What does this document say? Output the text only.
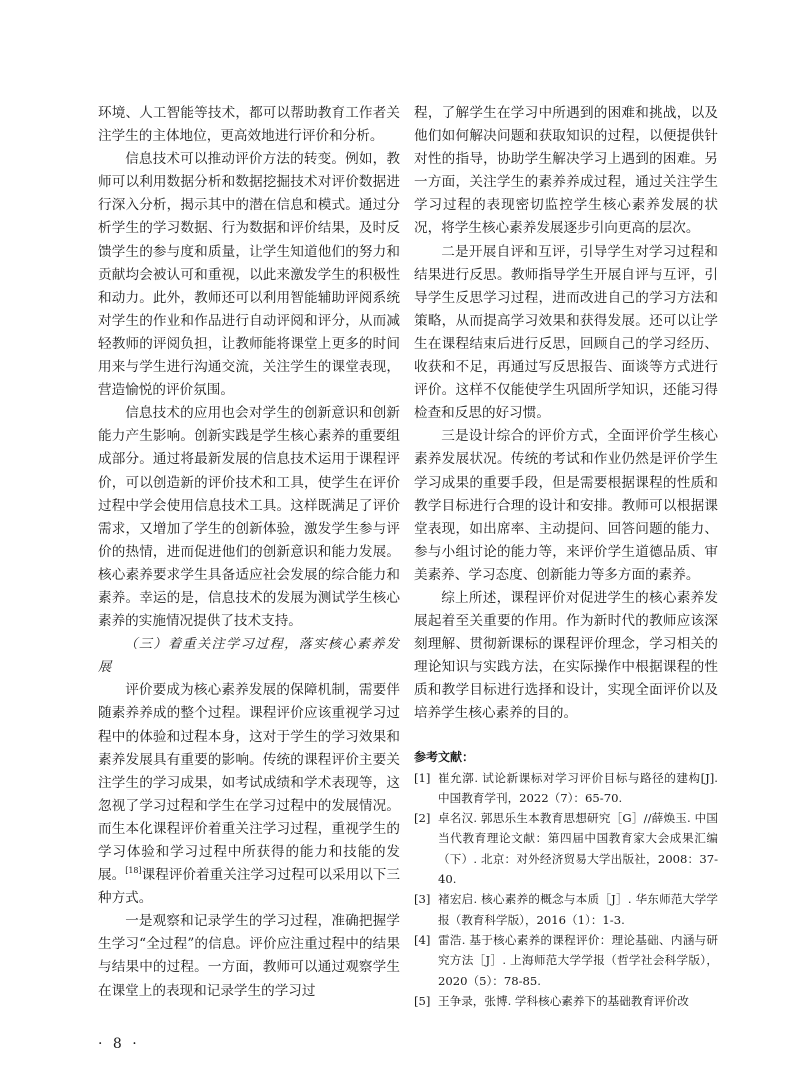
环境、人工智能等技术，都可以帮助教育工作者关注学生的主体地位，更高效地进行评价和分析。

信息技术可以推动评价方法的转变。例如，教师可以利用数据分析和数据挖掘技术对评价数据进行深入分析，揭示其中的潜在信息和模式。通过分析学生的学习数据、行为数据和评价结果，及时反馈学生的参与度和质量，让学生知道他们的努力和贡献均会被认可和重视，以此来激发学生的积极性和动力。此外，教师还可以利用智能辅助评阅系统对学生的作业和作品进行自动评阅和评分，从而减轻教师的评阅负担，让教师能将课堂上更多的时间用来与学生进行沟通交流，关注学生的课堂表现，营造愉悦的评价氛围。

信息技术的应用也会对学生的创新意识和创新能力产生影响。创新实践是学生核心素养的重要组成部分。通过将最新发展的信息技术运用于课程评价，可以创造新的评价技术和工具，使学生在评价过程中学会使用信息技术工具。这样既满足了评价需求，又增加了学生的创新体验，激发学生参与评价的热情，进而促进他们的创新意识和能力发展。核心素养要求学生具备适应社会发展的综合能力和素养。幸运的是，信息技术的发展为测试学生核心素养的实施情况提供了技术支持。

（三）着重关注学习过程，落实核心素养发展

评价要成为核心素养发展的保障机制，需要伴随素养养成的整个过程。课程评价应该重视学习过程中的体验和过程本身，这对于学生的学习效果和素养发展具有重要的影响。传统的课程评价主要关注学生的学习成果，如考试成绩和学术表现等，这忽视了学习过程和学生在学习过程中的发展情况。而生本化课程评价着重关注学习过程，重视学生的学习体验和学习过程中所获得的能力和技能的发展。[18]课程评价着重关注学习过程可以采用以下三种方式。

一是观察和记录学生的学习过程，准确把握学生学习“全过程”的信息。评价应注重过程中的结果与结果中的过程。一方面，教师可以通过观察学生在课堂上的表现和记录学生的学习过

程，了解学生在学习中所遇到的困难和挑战，以及他们如何解决问题和获取知识的过程，以便提供针对性的指导，协助学生解决学习上遇到的困难。另一方面，关注学生的素养养成过程，通过关注学生学习过程的表现密切监控学生核心素养发展的状况，将学生核心素养发展逐步引向更高的层次。

二是开展自评和互评，引导学生对学习过程和结果进行反思。教师指导学生开展自评与互评，引导学生反思学习过程，进而改进自己的学习方法和策略，从而提高学习效果和获得发展。还可以让学生在课程结束后进行反思，回顾自己的学习经历、收获和不足，再通过写反思报告、面谈等方式进行评价。这样不仅能使学生巩固所学知识，还能习得检查和反思的好习惯。

三是设计综合的评价方式，全面评价学生核心素养发展状况。传统的考试和作业仍然是评价学生学习成果的重要手段，但是需要根据课程的性质和教学目标进行合理的设计和安排。教师可以根据课堂表现，如出席率、主动提问、回答问题的能力、参与小组讨论的能力等，来评价学生道德品质、审美素养、学习态度、创新能力等多方面的素养。

综上所述，课程评价对促进学生的核心素养发展起着至关重要的作用。作为新时代的教师应该深刻理解、贯彻新课标的课程评价理念，学习相关的理论知识与实践方法，在实际操作中根据课程的性质和教学目标进行选择和设计，实现全面评价以及培养学生核心素养的目的。

参考文献：

[1] 崔允漷. 试论新课标对学习评价目标与路径的建构[J]. 中国教育学刊，2022（7）：65-70.
[2] 卓名汉. 郭思乐生本教育思想研究［G］//薛焕玉. 中国当代教育理论文献：第四届中国教育家大会成果汇编（下）. 北京：对外经济贸易大学出版社，2008：37-40.
[3] 褚宏启. 核心素养的概念与本质［J］. 华东师范大学学报（教育科学版），2016（1）：1-3.
[4] 雷浩. 基于核心素养的课程评价：理论基础、内涵与研究方法［J］. 上海师范大学学报（哲学社会科学版），2020（5）：78-85.
[5] 王争录，张博. 学科核心素养下的基础教育评价改
· 8 ·
